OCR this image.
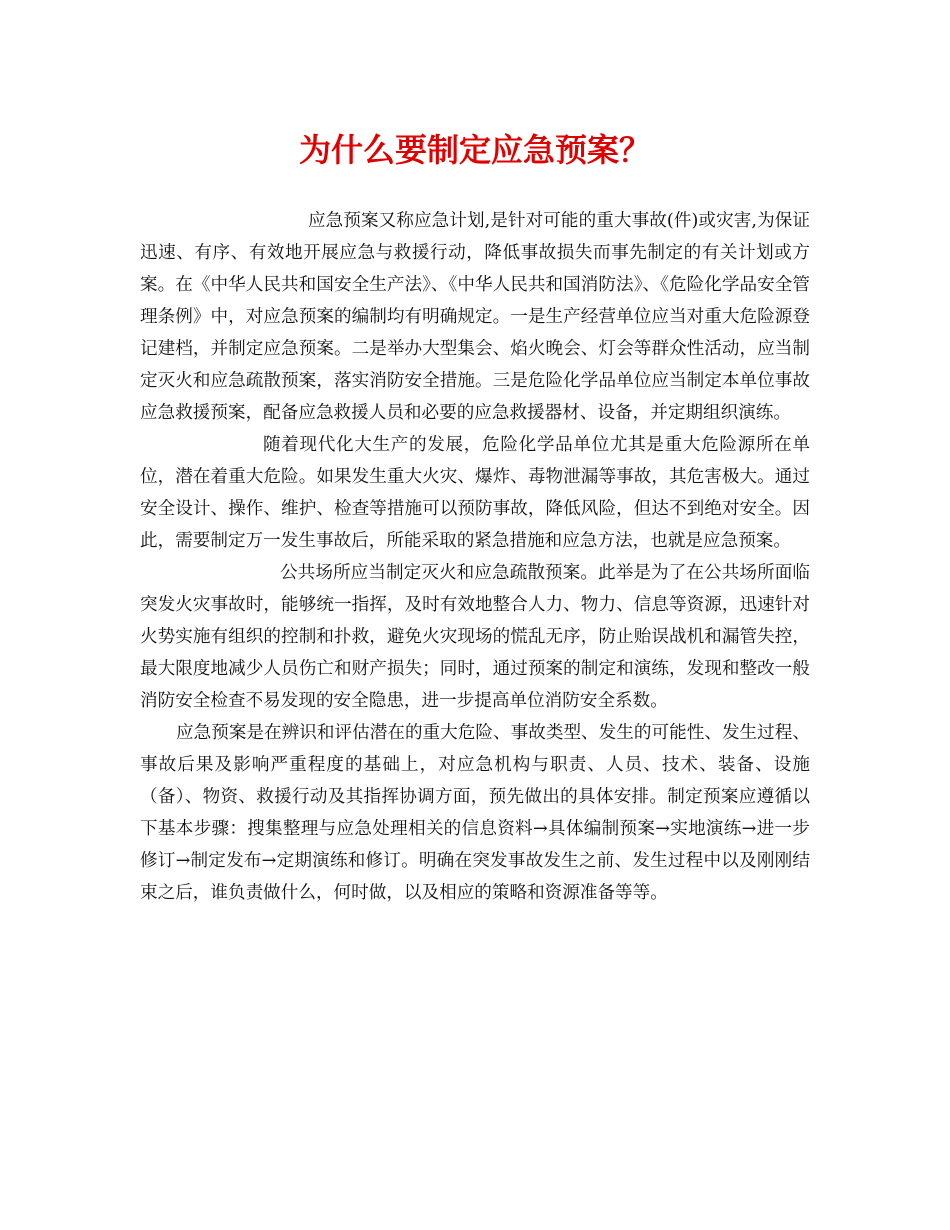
为什么要制定应急预案？

应急预案又称应急计划,是针对可能的重大事故(件)或灾害,为保证迅速、有序、有效地开展应急与救援行动，降低事故损失而事先制定的有关计划或方案。在《中华人民共和国安全生产法》、《中华人民共和国消防法》、《危险化学品安全管理条例》中，对应急预案的编制均有明确规定。一是生产经营单位应当对重大危险源登记建档，并制定应急预案。二是举办大型集会、焰火晚会、灯会等群众性活动，应当制定灭火和应急疏散预案，落实消防安全措施。三是危险化学品单位应当制定本单位事故应急救援预案，配备应急救援人员和必要的应急救援器材、设备，并定期组织演练。

随着现代化大生产的发展，危险化学品单位尤其是重大危险源所在单位，潜在着重大危险。如果发生重大火灾、爆炸、毒物泄漏等事故，其危害极大。通过安全设计、操作、维护、检查等措施可以预防事故，降低风险，但达不到绝对安全。因此，需要制定万一发生事故后，所能采取的紧急措施和应急方法，也就是应急预案。

公共场所应当制定灭火和应急疏散预案。此举是为了在公共场所面临突发火灾事故时，能够统一指挥，及时有效地整合人力、物力、信息等资源，迅速针对火势实施有组织的控制和扑救，避免火灾现场的慌乱无序，防止贻误战机和漏管失控，最大限度地减少人员伤亡和财产损失；同时，通过预案的制定和演练，发现和整改一般消防安全检查不易发现的安全隐患，进一步提高单位消防安全系数。

应急预案是在辨识和评估潜在的重大危险、事故类型、发生的可能性、发生过程、事故后果及影响严重程度的基础上，对应急机构与职责、人员、技术、装备、设施（备）、物资、救援行动及其指挥协调方面，预先做出的具体安排。制定预案应遵循以下基本步骤：搜集整理与应急处理相关的信息资料→具体编制预案→实地演练→进一步修订→制定发布→定期演练和修订。明确在突发事故发生之前、发生过程中以及刚刚结束之后，谁负责做什么，何时做，以及相应的策略和资源准备等等。
